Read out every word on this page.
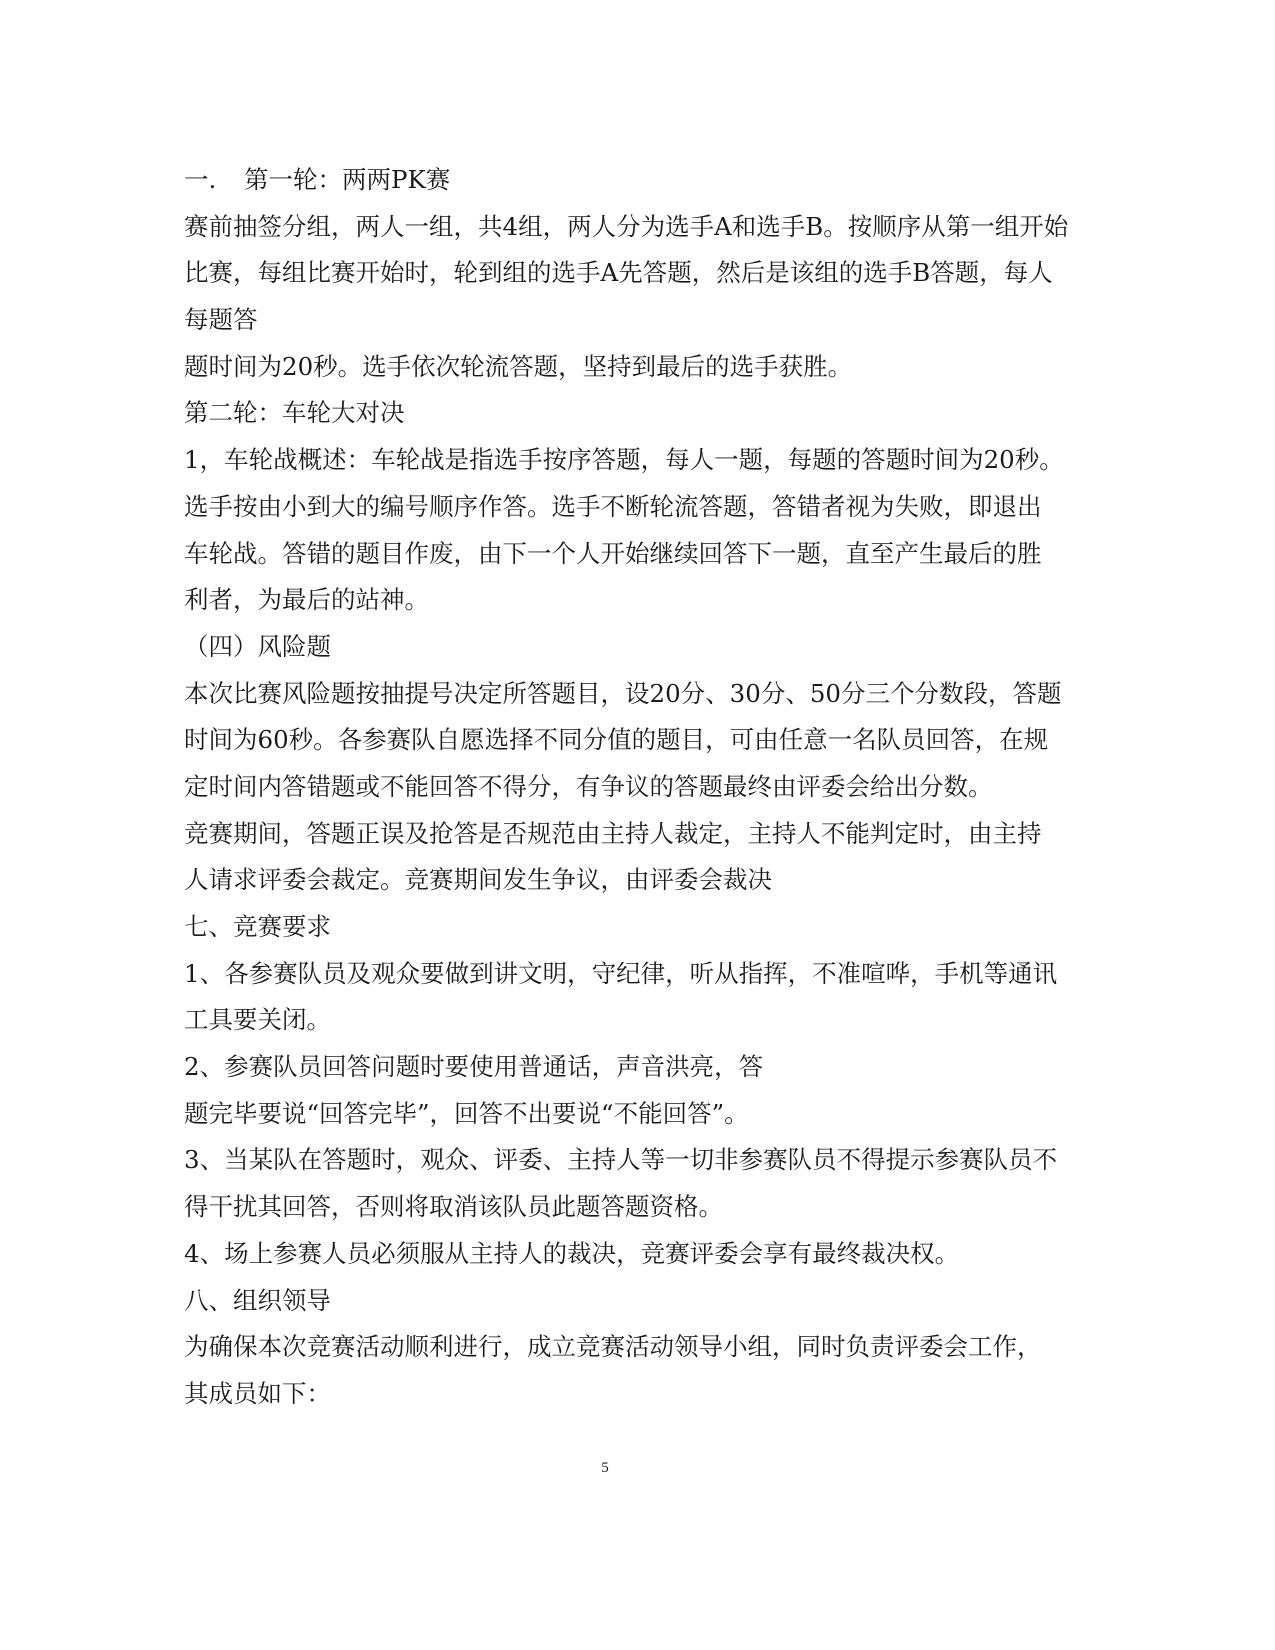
一. 第一轮：两两PK赛

赛前抽签分组，两人一组，共4组，两人分为选手A和选手B。按顺序从第一组开始

比赛，每组比赛开始时，轮到组的选手A先答题，然后是该组的选手B答题，每人

每题答

题时间为20秒。选手依次轮流答题，坚持到最后的选手获胜。

第二轮：车轮大对决

1，车轮战概述：车轮战是指选手按序答题，每人一题，每题的答题时间为20秒。

选手按由小到大的编号顺序作答。选手不断轮流答题，答错者视为失败，即退出

车轮战。答错的题目作废，由下一个人开始继续回答下一题，直至产生最后的胜

利者，为最后的站神。

（四）风险题

本次比赛风险题按抽提号决定所答题目，设20分、30分、50分三个分数段，答题

时间为60秒。各参赛队自愿选择不同分值的题目，可由任意一名队员回答，在规

定时间内答错题或不能回答不得分，有争议的答题最终由评委会给出分数。

竞赛期间，答题正误及抢答是否规范由主持人裁定，主持人不能判定时，由主持

人请求评委会裁定。竞赛期间发生争议，由评委会裁决

七、竞赛要求

1、各参赛队员及观众要做到讲文明，守纪律，听从指挥，不准喧哗，手机等通讯

工具要关闭。

2、参赛队员回答问题时要使用普通话，声音洪亮，答

题完毕要说“回答完毕”，回答不出要说“不能回答”。

3、当某队在答题时，观众、评委、主持人等一切非参赛队员不得提示参赛队员不

得干扰其回答，否则将取消该队员此题答题资格。

4、场上参赛人员必须服从主持人的裁决，竞赛评委会享有最终裁决权。

八、组织领导

为确保本次竞赛活动顺利进行，成立竞赛活动领导小组，同时负责评委会工作，

其成员如下：

5
